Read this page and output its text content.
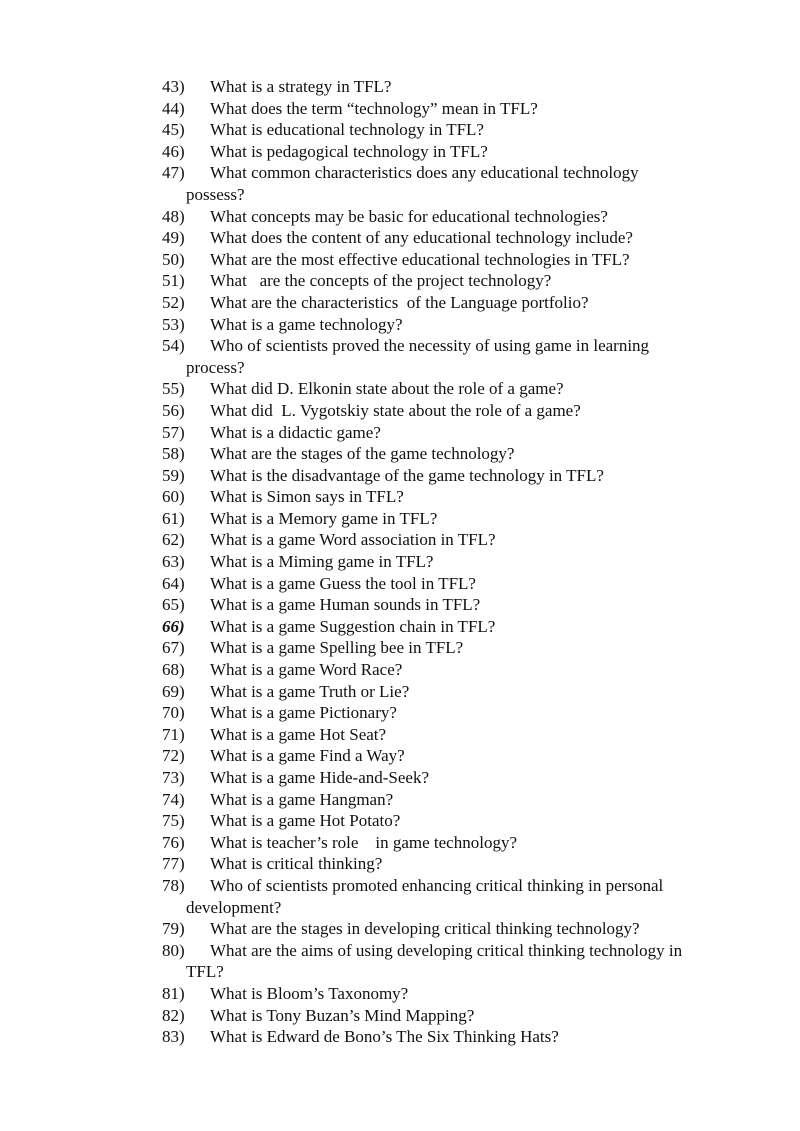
43) What is a strategy in TFL?
44) What does the term “technology” mean in TFL?
45) What is educational technology in TFL?
46) What is pedagogical technology in TFL?
47) What common characteristics does any educational technology
possess?
48) What concepts may be basic for educational technologies?
49) What does the content of any educational technology include?
50) What are the most effective educational technologies in TFL?
51) What   are the concepts of the project technology?
52) What are the characteristics  of the Language portfolio?
53) What is a game technology?
54) Who of scientists proved the necessity of using game in learning
process?
55) What did D. Elkonin state about the role of a game?
56) What did  L. Vygotskiy state about the role of a game?
57) What is a didactic game?
58) What are the stages of the game technology?
59) What is the disadvantage of the game technology in TFL?
60) What is Simon says in TFL?
61) What is a Memory game in TFL?
62) What is a game Word association in TFL?
63) What is a Miming game in TFL?
64) What is a game Guess the tool in TFL?
65) What is a game Human sounds in TFL?
66) What is a game Suggestion chain in TFL?
67) What is a game Spelling bee in TFL?
68) What is a game Word Race?
69) What is a game Truth or Lie?
70) What is a game Pictionary?
71) What is a game Hot Seat?
72) What is a game Find a Way?
73) What is a game Hide-and-Seek?
74) What is a game Hangman?
75) What is a game Hot Potato?
76) What is teacher’s role    in game technology?
77) What is critical thinking?
78) Who of scientists promoted enhancing critical thinking in personal
development?
79) What are the stages in developing critical thinking technology?
80) What are the aims of using developing critical thinking technology in
TFL?
81) What is Bloom’s Taxonomy?
82) What is Tony Buzan’s Mind Mapping?
83) What is Edward de Bono’s The Six Thinking Hats?
